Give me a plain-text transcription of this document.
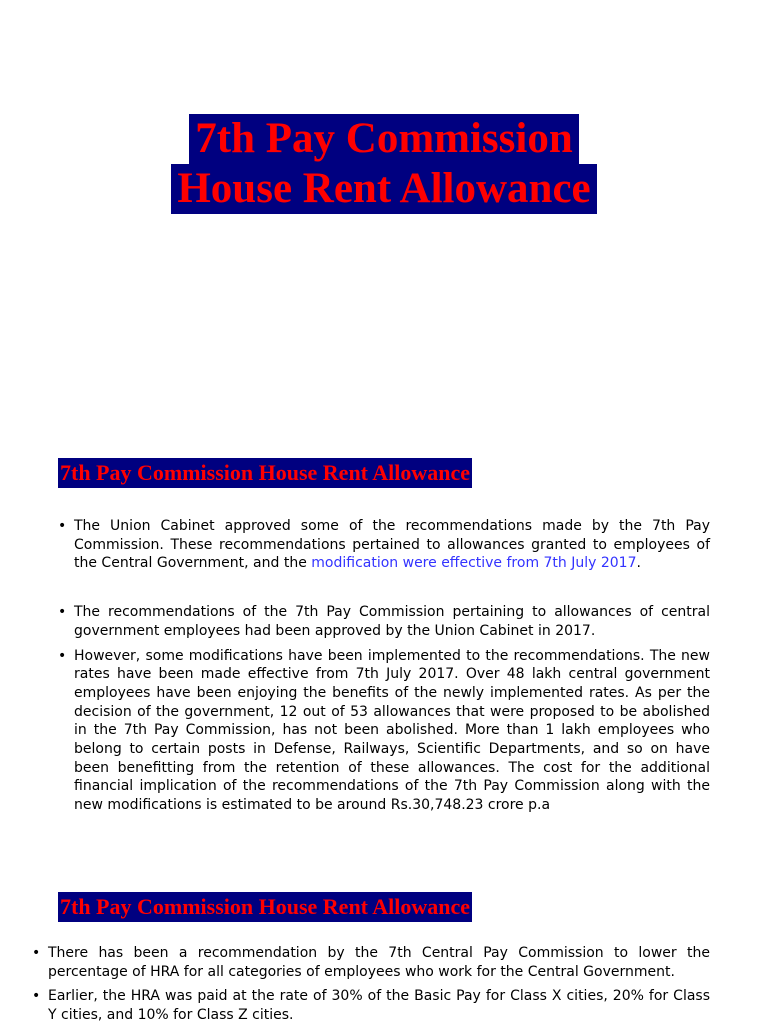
7th Pay Commission
House Rent Allowance
7th Pay Commission House Rent Allowance
• The Union Cabinet approved some of the recommendations made by the 7th Pay Commission. These recommendations pertained to allowances granted to employees of the Central Government, and the modification were effective from 7th July 2017.
• The recommendations of the 7th Pay Commission pertaining to allowances of central government employees had been approved by the Union Cabinet in 2017.
• However, some modifications have been implemented to the recommendations. The new rates have been made effective from 7th July 2017. Over 48 lakh central government employees have been enjoying the benefits of the newly implemented rates. As per the decision of the government, 12 out of 53 allowances that were proposed to be abolished in the 7th Pay Commission, has not been abolished. More than 1 lakh employees who belong to certain posts in Defense, Railways, Scientific Departments, and so on have been benefitting from the retention of these allowances. The cost for the additional financial implication of the recommendations of the 7th Pay Commission along with the new modifications is estimated to be around Rs.30,748.23 crore p.a
7th Pay Commission House Rent Allowance
• There has been a recommendation by the 7th Central Pay Commission to lower the percentage of HRA for all categories of employees who work for the Central Government.
• Earlier, the HRA was paid at the rate of 30% of the Basic Pay for Class X cities, 20% for Class Y cities, and 10% for Class Z cities.
